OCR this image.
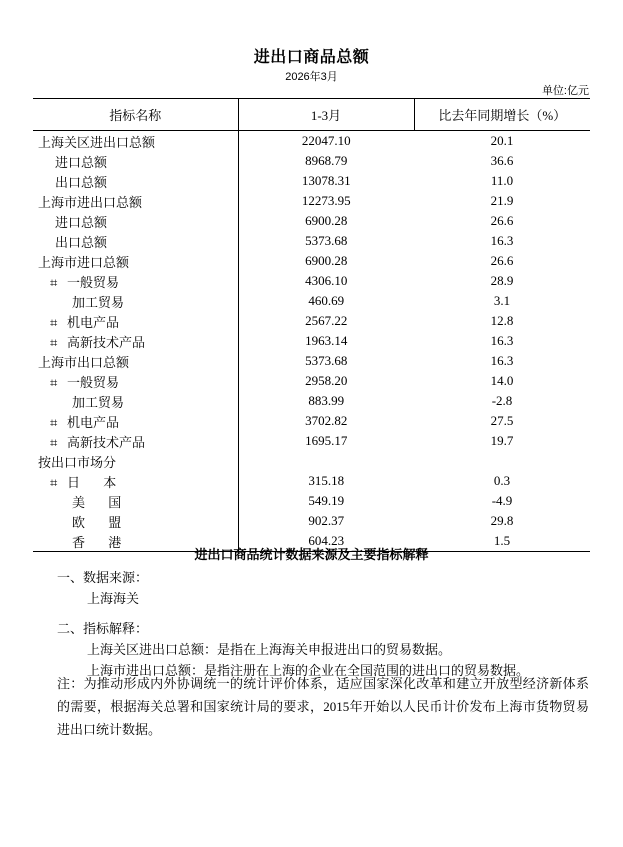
进出口商品总额
2026年3月
单位:亿元
指标名称	1-3月	比去年同期增长（%）
上海关区进出口总额	22047.10	20.1
进口总额	8968.79	36.6
出口总额	13078.31	11.0
上海市进出口总额	12273.95	21.9
进口总额	6900.28	26.6
出口总额	5373.68	16.3
上海市进口总额	6900.28	26.6
⌗ 一般贸易	4306.10	28.9
加工贸易	460.69	3.1
⌗ 机电产品	2567.22	12.8
⌗ 高新技术产品	1963.14	16.3
上海市出口总额	5373.68	16.3
⌗ 一般贸易	2958.20	14.0
加工贸易	883.99	-2.8
⌗ 机电产品	3702.82	27.5
⌗ 高新技术产品	1695.17	19.7
按出口市场分		
⌗ 日 本	315.18	0.3
美 国	549.19	-4.9
欧 盟	902.37	29.8
香 港	604.23	1.5
进出口商品统计数据来源及主要指标解释
一、数据来源：
上海海关
二、指标解释：
上海关区进出口总额：是指在上海海关申报进出口的贸易数据。
上海市进出口总额：是指注册在上海的企业在全国范围的进出口的贸易数据。
注：为推动形成内外协调统一的统计评价体系，适应国家深化改革和建立开放型经济新体系的需要，根据海关总署和国家统计局的要求，2015年开始以人民币计价发布上海市货物贸易进出口统计数据。
